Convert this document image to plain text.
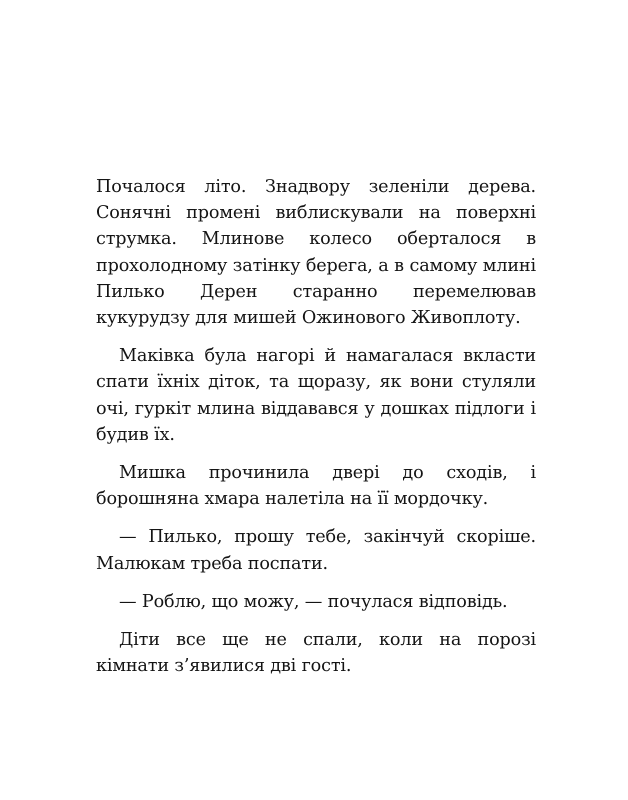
Почалося літо. Знадвору зеленіли дерева. Сонячні промені виблискували на поверхні струмка. Млинове колесо оберталося в прохолодному затінку берега, а в самому млині Пилько Дерен старанно перемелював кукурудзу для мишей Ожинового Живоплоту.

Маківка була нагорі й намагалася вкласти спати їхніх діток, та щоразу, як вони стуляли очі, гуркіт млина віддавався у дошках підлоги і будив їх.

Мишка прочинила двері до сходів, і борошняна хмара налетіла на її мордочку.

— Пилько, прошу тебе, закінчуй скоріше. Малюкам треба поспати.

— Роблю, що можу, — почулася відповідь.

Діти все ще не спали, коли на порозі кімнати з’явилися дві гості.
